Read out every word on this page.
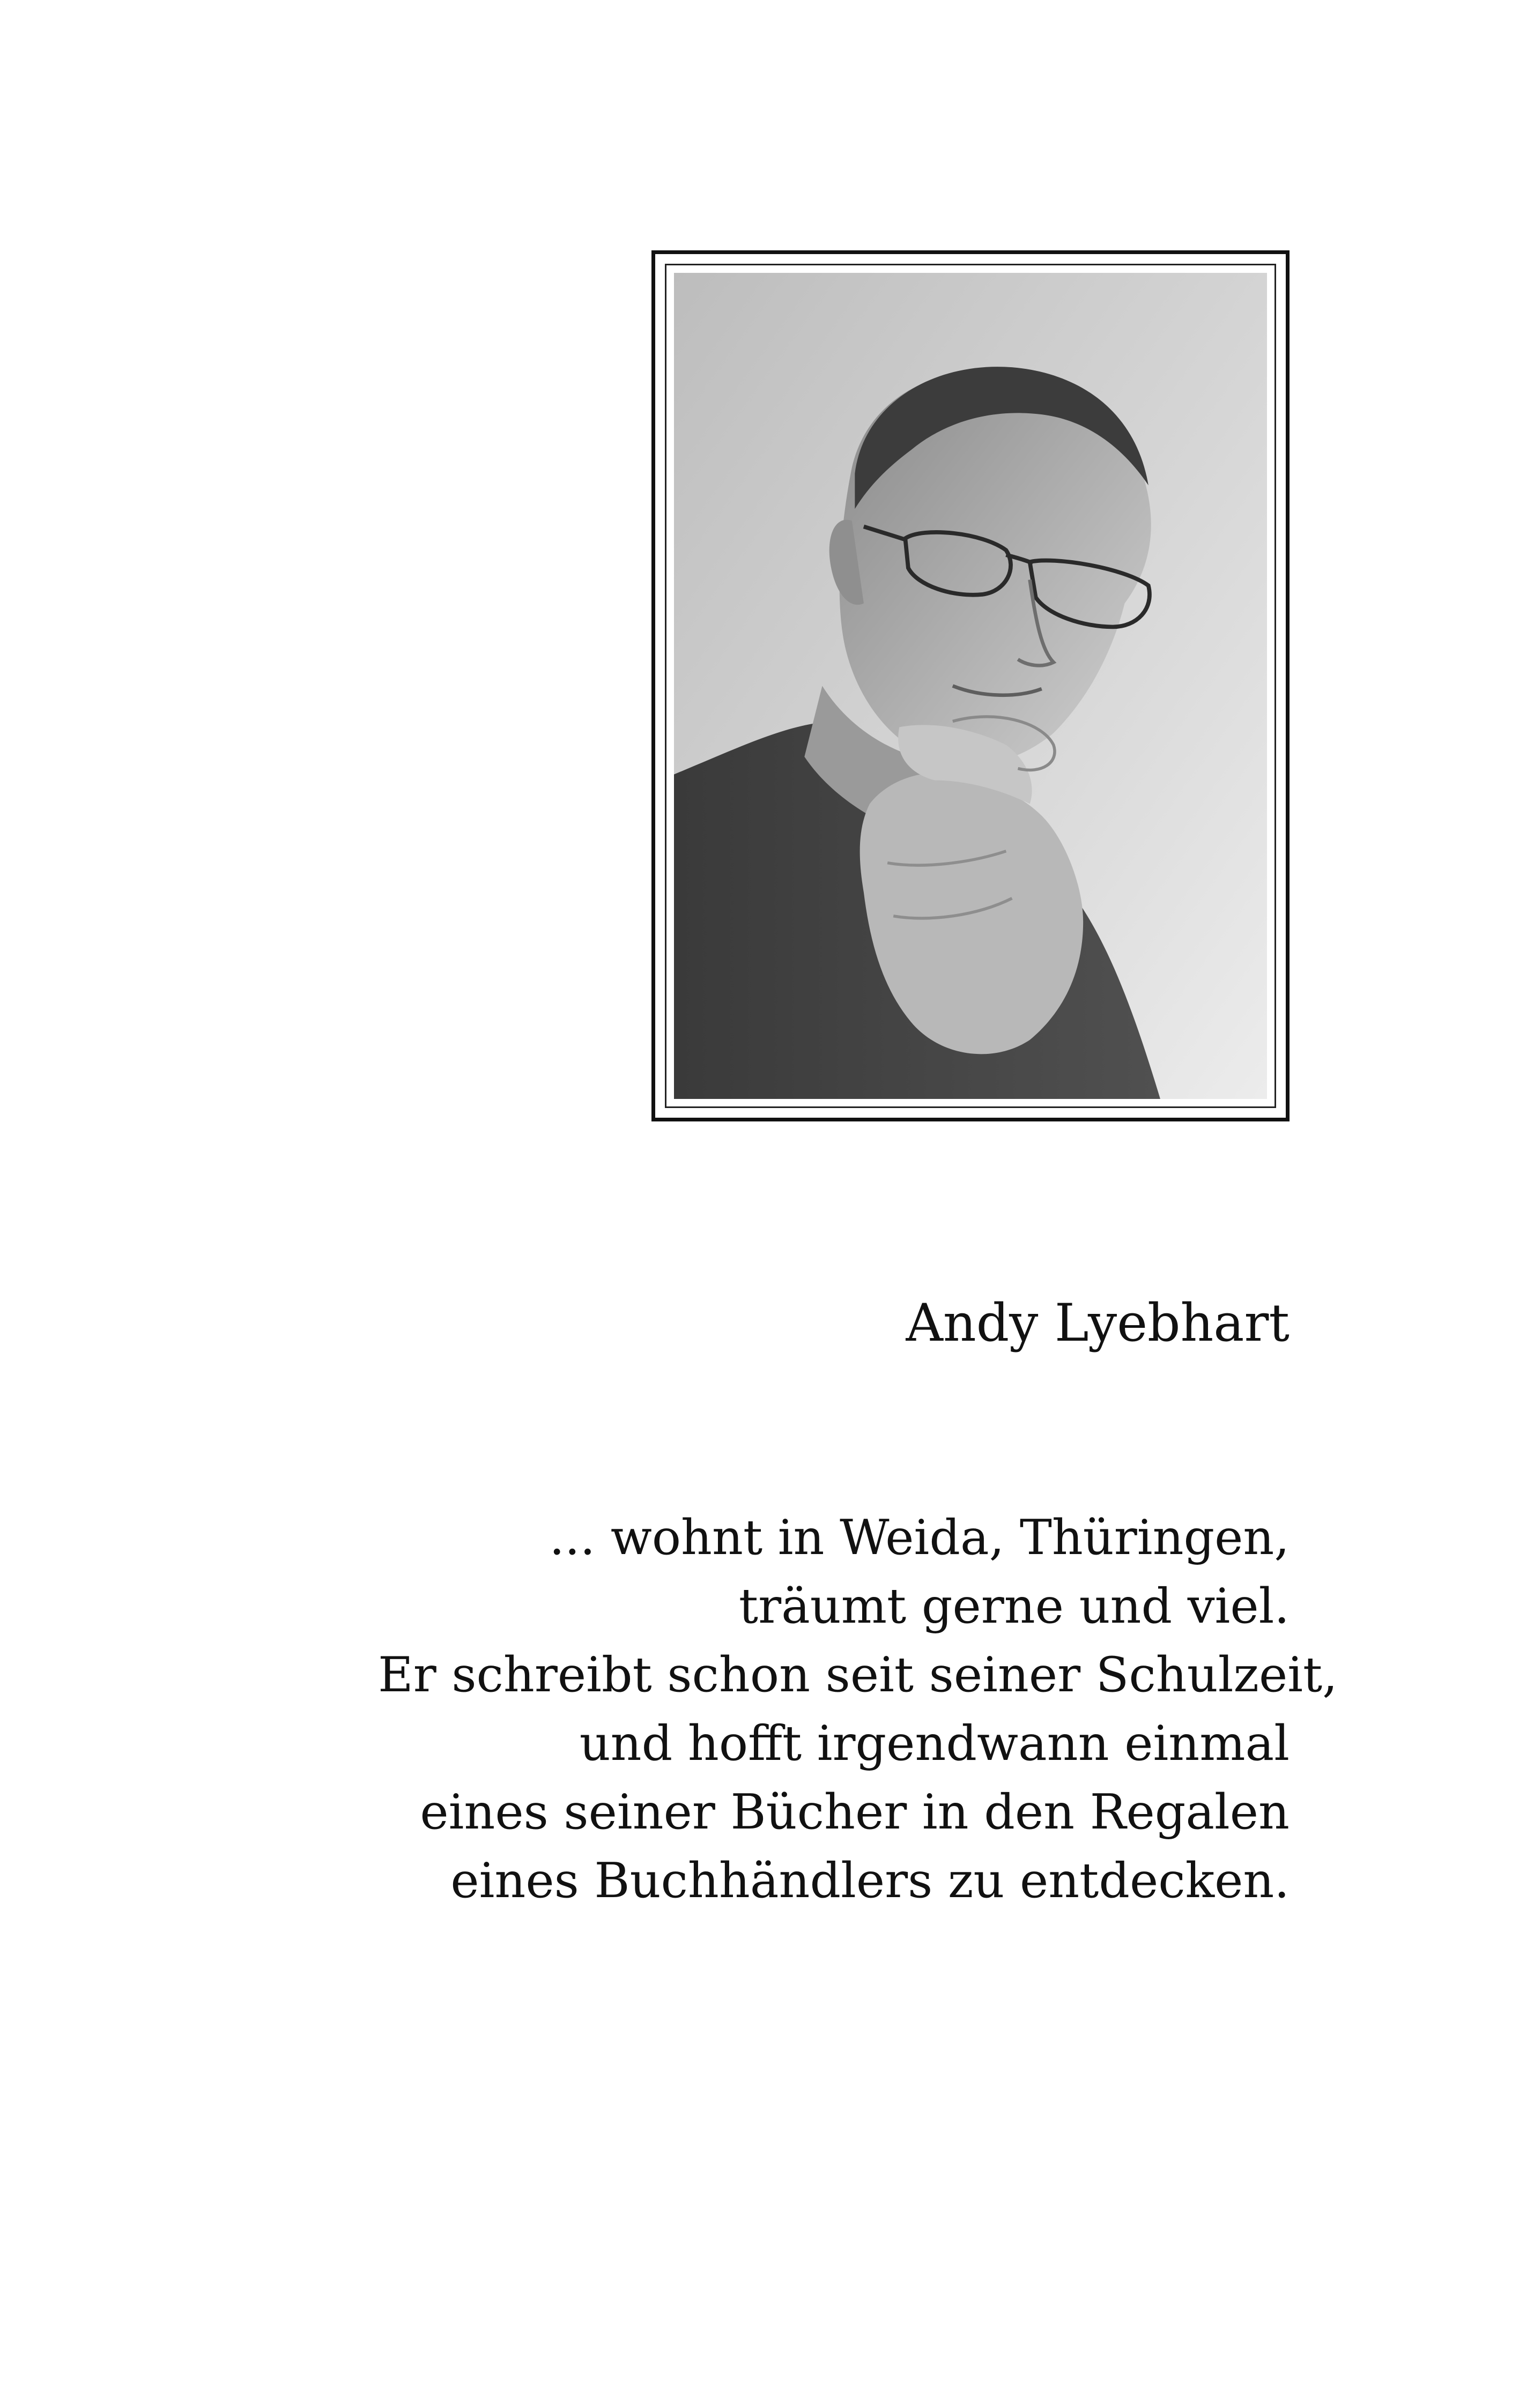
Andy Lyebhart
... wohnt in Weida, Thüringen,
träumt gerne und viel.
Er schreibt schon seit seiner Schulzeit,
und hofft irgendwann einmal
eines seiner Bücher in den Regalen
eines Buchhändlers zu entdecken.
